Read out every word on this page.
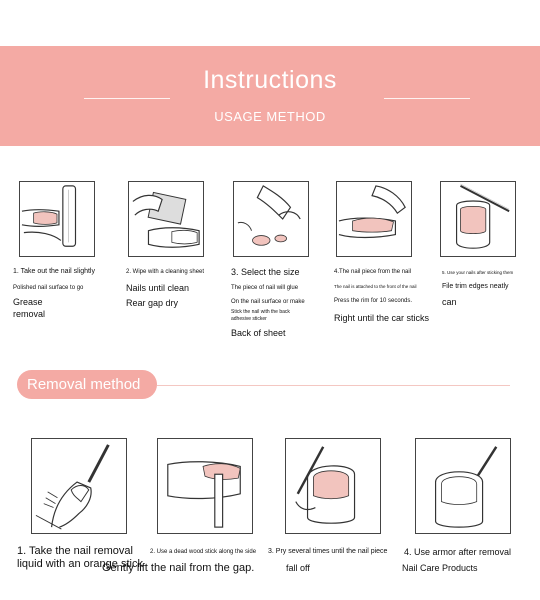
Instructions
USAGE METHOD
1. Take out the nail slightly
Polished nail surface to go
Grease
removal
2. Wipe with a cleaning sheet
Nails until clean
Rear gap dry
3. Select the size
The piece of nail will glue
On the nail surface or make
Stick the nail with the back
adhesive sticker
Back of sheet
4.The nail piece from the nail
The nail is attached to the front of the nail
Press the rim for 10 seconds.
Right until the car sticks
5. Use your nails after sticking them
File trim edges neatly
can
Removal method
1. Take the nail removal
liquid with an orange stick
2. Use a dead wood stick along the side
Gently lift the nail from the gap.
3. Pry several times until the nail piece
fall off
4. Use armor after removal
Nail Care Products
